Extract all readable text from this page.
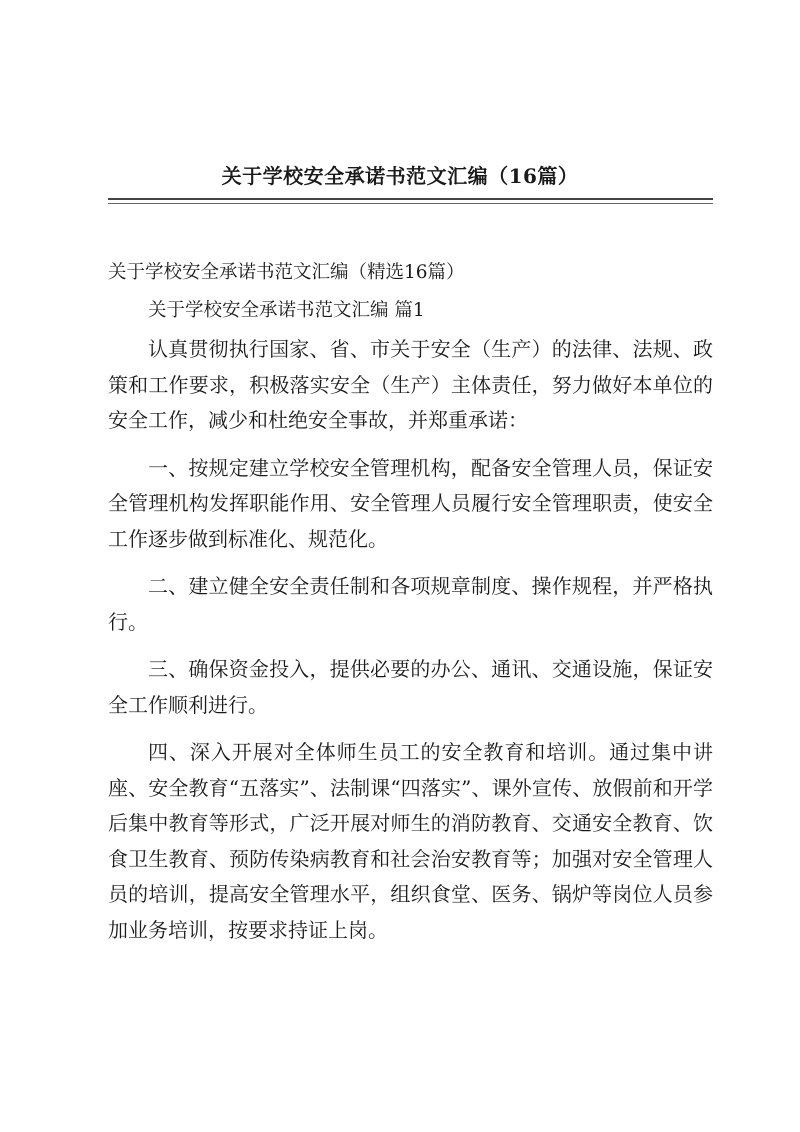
关于学校安全承诺书范文汇编（16篇）

关于学校安全承诺书范文汇编（精选16篇）

关于学校安全承诺书范文汇编 篇1

认真贯彻执行国家、省、市关于安全（生产）的法律、法规、政策和工作要求，积极落实安全（生产）主体责任，努力做好本单位的安全工作，减少和杜绝安全事故，并郑重承诺：

一、按规定建立学校安全管理机构，配备安全管理人员，保证安全管理机构发挥职能作用、安全管理人员履行安全管理职责，使安全工作逐步做到标准化、规范化。

二、建立健全安全责任制和各项规章制度、操作规程，并严格执行。

三、确保资金投入，提供必要的办公、通讯、交通设施，保证安全工作顺利进行。

四、深入开展对全体师生员工的安全教育和培训。通过集中讲座、安全教育“五落实”、法制课“四落实”、课外宣传、放假前和开学后集中教育等形式，广泛开展对师生的消防教育、交通安全教育、饮食卫生教育、预防传染病教育和社会治安教育等；加强对安全管理人员的培训，提高安全管理水平，组织食堂、医务、锅炉等岗位人员参加业务培训，按要求持证上岗。
